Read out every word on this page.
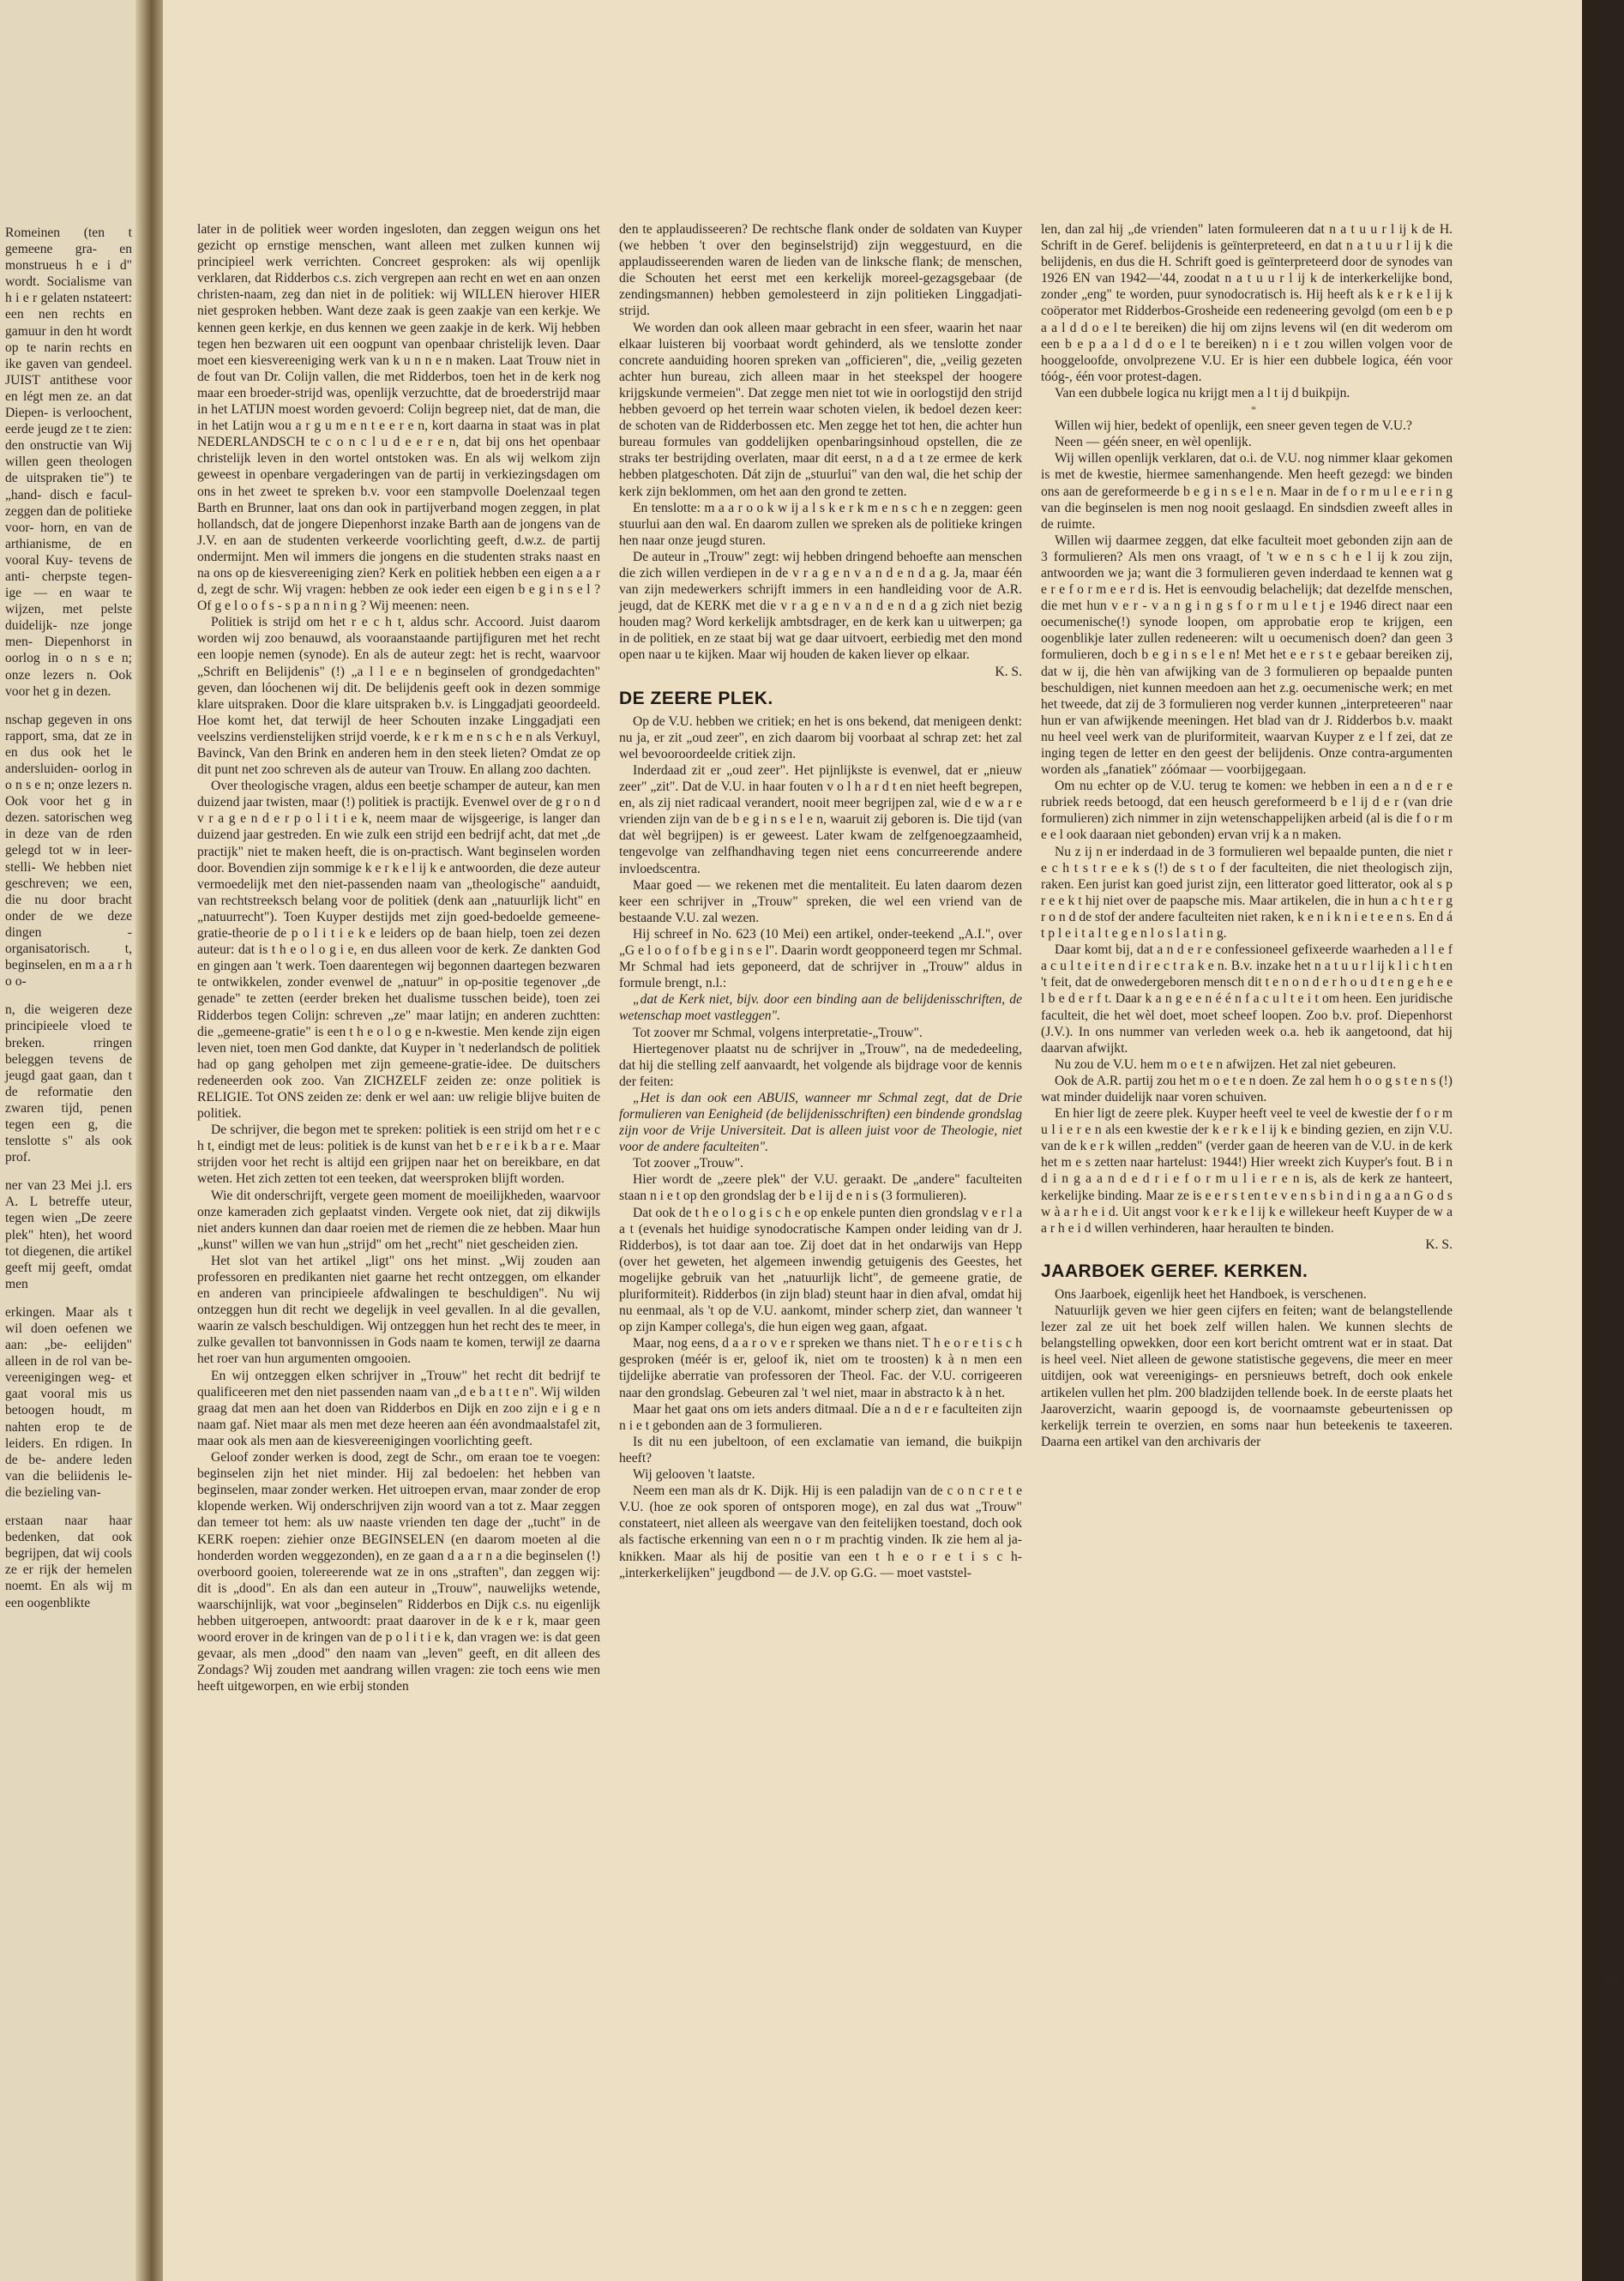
Romeinen (ten t gemeene gra- en monstrueus h e i d" wordt. Socialisme van h i e r gelaten nstateert: een nen rechts en gamuur in den ht wordt op te narin rechts en ike gaven van gendeel. JUIST antithese voor en légt men ze. an dat Diepen- is verloochent, eerde jeugd ze t te zien: den onstructie van Wij willen geen theologen de uitspraken tie") te „hand- disch e facul- zeggen dan de politieke voor- horn, en van de arthianisme, de en vooral Kuy- tevens de anti- cherpste tegen- ige — en waar te wijzen, met pelste duidelijk- nze jonge men- Diepenhorst in oorlog in o n s e n; onze lezers n. Ook voor het g in dezen.

nschap gegeven in ons rapport, sma, dat ze in en dus ook het le andersluiden- oorlog in o n s e n; onze lezers n. Ook voor het g in dezen. satorischen weg in deze van de rden gelegd tot w in leer-stelli- We hebben niet geschreven; we een, die nu door bracht onder de we deze dingen -organisatorisch. t, beginselen, en m a a r h o o-

n, die weigeren deze principieele vloed te breken. rringen beleggen tevens de jeugd gaat gaan, dan t de reformatie den zwaren tijd, penen tegen een g, die tenslotte s" als ook prof.

ner van 23 Mei j.l. ers A. L betreffe uteur, tegen wien „De zeere plek" hten), het woord tot diegenen, die artikel geeft mij geeft, omdat men

erkingen. Maar als t wil doen oefenen we aan: „be- eelijden" alleen in de rol van be- vereenigingen weg- et gaat vooral mis us betoogen houdt, m nahten erop te de leiders. En rdigen. In de be- andere leden van die beliidenis le- die bezieling van-

erstaan naar haar bedenken, dat ook begrijpen, dat wij cools ze er rijk der hemelen noemt. En als wij m een oogenblikte

later in de politiek weer worden ingesloten, dan zeggen weigun ons het gezicht op ernstige menschen, want alleen met zulken kunnen wij principieel werk verrichten. Concreet gesproken: als wij openlijk verklaren, dat Ridderbos c.s. zich vergrepen aan recht en wet en aan onzen christen-naam, zeg dan niet in de politiek: wij WILLEN hierover HIER niet gesproken hebben. Want deze zaak is geen zaakje van een kerkje. We kennen geen kerkje, en dus kennen we geen zaakje in de kerk. Wij hebben tegen hen bezwaren uit een oogpunt van openbaar christelijk leven. Daar moet een kiesvereeniging werk van k u n n e n maken. Laat Trouw niet in de fout van Dr. Colijn vallen, die met Ridderbos, toen het in de kerk nog maar een broeder-strijd was, openlijk verzuchtte, dat de broederstrijd maar in het LATIJN moest worden gevoerd: Colijn begreep niet, dat de man, die in het Latijn wou a r g u m e n t e e r e n, kort daarna in staat was in plat NEDERLANDSCH te c o n c l u d e e r e n, dat bij ons het openbaar christelijk leven in den wortel ontstoken was. En als wij welkom zijn geweest in openbare vergaderingen van de partij in verkiezingsdagen om ons in het zweet te spreken b.v. voor een stampvolle Doelenzaal tegen Barth en Brunner, laat ons dan ook in partijverband mogen zeggen, in plat hollandsch, dat de jongere Diepenhorst inzake Barth aan de jongens van de J.V. en aan de studenten verkeerde voorlichting geeft, d.w.z. de partij ondermijnt. Men wil immers die jongens en die studenten straks naast en na ons op de kiesvereeniging zien? Kerk en politiek hebben een eigen a a r d, zegt de schr. Wij vragen: hebben ze ook ieder een eigen b e g i n s e l ? Of g e l o o f s - s p a n n i n g ? Wij meenen: neen.

Politiek is strijd om het r e c h t, aldus schr. Accoord. Juist daarom worden wij zoo benauwd, als vooraanstaande partijfiguren met het recht een loopje nemen (synode). En als de auteur zegt: het is recht, waarvoor „Schrift en Belijdenis" (!) „a l l e e n beginselen of grondgedachten" geven, dan lóochenen wij dit. De belijdenis geeft ook in dezen sommige klare uitspraken. Door die klare uitspraken b.v. is Linggadjati geoordeeld. Hoe komt het, dat terwijl de heer Schouten inzake Linggadjati een veelszins verdienstelijken strijd voerde, k e r k m e n s c h e n als Verkuyl, Bavinck, Van den Brink en anderen hem in den steek lieten? Omdat ze op dit punt net zoo schreven als de auteur van Trouw. En allang zoo dachten.

Over theologische vragen, aldus een beetje schamper de auteur, kan men duizend jaar twisten, maar (!) politiek is practijk. Evenwel over de g r o n d v r a g e n d e r p o l i t i e k, neem maar de wijsgeerige, is langer dan duizend jaar gestreden. En wie zulk een strijd een bedrijf acht, dat met „de practijk" niet te maken heeft, die is on-practisch. Want beginselen worden door. Bovendien zijn sommige k e r k e l ij k e antwoorden, die deze auteur vermoedelijk met den niet-passenden naam van „theologische" aanduidt, van rechtstreeksch belang voor de politiek (denk aan „natuurlijk licht" en „natuurrecht"). Toen Kuyper destijds met zijn goed-bedoelde gemeene-gratie-theorie de p o l i t i e k e leiders op de baan hielp, toen zei dezen auteur: dat is t h e o l o g i e, en dus alleen voor de kerk. Ze dankten God en gingen aan 't werk. Toen daarentegen wij begonnen daartegen bezwaren te ontwikkelen, zonder evenwel de „natuur" in op-positie tegenover „de genade" te zetten (eerder breken het dualisme tusschen beide), toen zei Ridderbos tegen Colijn: schreven „ze" maar latijn; en anderen zuchtten: die „gemeene-gratie" is een t h e o l o g e n-kwestie. Men kende zijn eigen leven niet, toen men God dankte, dat Kuyper in 't nederlandsch de politiek had op gang geholpen met zijn gemeene-gratie-idee. De duitschers redeneerden ook zoo. Van ZICHZELF zeiden ze: onze politiek is RELIGIE. Tot ONS zeiden ze: denk er wel aan: uw religie blijve buiten de politiek.

De schrijver, die begon met te spreken: politiek is een strijd om het r e c h t, eindigt met de leus: politiek is de kunst van het b e r e i k b a r e. Maar strijden voor het recht is altijd een grijpen naar het on bereikbare, en dat weten. Het zich zetten tot een teeken, dat weersproken blijft worden.

Wie dit onderschrijft, vergete geen moment de moeilijkheden, waarvoor onze kameraden zich geplaatst vinden. Vergete ook niet, dat zij dikwijls niet anders kunnen dan daar roeien met de riemen die ze hebben. Maar hun „kunst" willen we van hun „strijd" om het „recht" niet gescheiden zien.

Het slot van het artikel „ligt" ons het minst. „Wij zouden aan professoren en predikanten niet gaarne het recht ontzeggen, om elkander en anderen van principieele afdwalingen te beschuldigen". Nu wij ontzeggen hun dit recht we degelijk in veel gevallen. In al die gevallen, waarin ze valsch beschuldigen. Wij ontzeggen hun het recht des te meer, in zulke gevallen tot banvonnissen in Gods naam te komen, terwijl ze daarna het roer van hun argumenten omgooien.

En wij ontzeggen elken schrijver in „Trouw" het recht dit bedrijf te qualificeeren met den niet passenden naam van „d e b a t t e n". Wij wilden graag dat men aan het doen van Ridderbos en Dijk en zoo zijn e i g e n naam gaf. Niet maar als men met deze heeren aan één avondmaalstafel zit, maar ook als men aan de kiesvereenigingen voorlichting geeft.

Geloof zonder werken is dood, zegt de Schr., om eraan toe te voegen: beginselen zijn het niet minder. Hij zal bedoelen: het hebben van beginselen, maar zonder werken. Het uitroepen ervan, maar zonder de erop klopende werken. Wij onderschrijven zijn woord van a tot z. Maar zeggen dan temeer tot hem: als uw naaste vrienden ten dage der „tucht" in de KERK roepen: ziehier onze BEGINSELEN (en daarom moeten al die honderden worden weggezonden), en ze gaan d a a r n a die beginselen (!) overboord gooien, tolereerende wat ze in ons „straften", dan zeggen wij: dit is „dood". En als dan een auteur in „Trouw", nauwelijks wetende, waarschijnlijk, wat voor „beginselen" Ridderbos en Dijk c.s. nu eigenlijk hebben uitgeroepen, antwoordt: praat daarover in de k e r k, maar geen woord erover in de kringen van de p o l i t i e k, dan vragen we: is dat geen gevaar, als men „dood" den naam van „leven" geeft, en dit alleen des Zondags? Wij zouden met aandrang willen vragen: zie toch eens wie men heeft uitgeworpen, en wie erbij stonden

den te applaudisseeren? De rechtsche flank onder de soldaten van Kuyper (we hebben 't over den beginselstrijd) zijn weggestuurd, en die applaudisseerenden waren de lieden van de linksche flank; de menschen, die Schouten het eerst met een kerkelijk moreel-gezagsgebaar (de zendingsmannen) hebben gemolesteerd in zijn politieken Linggadjati-strijd.

We worden dan ook alleen maar gebracht in een sfeer, waarin het naar elkaar luisteren bij voorbaat wordt gehinderd, als we tenslotte zonder concrete aanduiding hooren spreken van „officieren", die, „veilig gezeten achter hun bureau, zich alleen maar in het steekspel der hoogere krijgskunde vermeien". Dat zegge men niet tot wie in oorlogstijd den strijd hebben gevoerd op het terrein waar schoten vielen, ik bedoel dezen keer: de schoten van de Ridderbossen etc. Men zegge het tot hen, die achter hun bureau formules van goddelijken openbaringsinhoud opstellen, die ze straks ter bestrijding overlaten, maar dit eerst, n a d a t ze ermee de kerk hebben platgeschoten. Dát zijn de „stuurlui" van den wal, die het schip der kerk zijn beklommen, om het aan den grond te zetten.

En tenslotte: m a a r o o k w ij a l s k e r k m e n s c h e n zeggen: geen stuurlui aan den wal. En daarom zullen we spreken als de politieke kringen hen naar onze jeugd sturen.

De auteur in „Trouw" zegt: wij hebben dringend behoefte aan menschen die zich willen verdiepen in de v r a g e n v a n d e n d a g. Ja, maar één van zijn medewerkers schrijft immers in een handleiding voor de A.R. jeugd, dat de KERK met die v r a g e n v a n d e n d a g zich niet bezig houden mag? Word kerkelijk ambtsdrager, en de kerk kan u uitwerpen; ga in de politiek, en ze staat bij wat ge daar uitvoert, eerbiedig met den mond open naar u te kijken. Maar wij houden de kaken liever op elkaar.

K. S.

DE ZEERE PLEK.

Op de V.U. hebben we critiek; en het is ons bekend, dat menigeen denkt: nu ja, er zit „oud zeer", en zich daarom bij voorbaat al schrap zet: het zal wel bevooroordeelde critiek zijn.

Inderdaad zit er „oud zeer". Het pijnlijkste is evenwel, dat er „nieuw zeer" „zit". Dat de V.U. in haar fouten v o l h a r d t en niet heeft begrepen, en, als zij niet radicaal verandert, nooit meer begrijpen zal, wie d e w a r e vrienden zijn van de b e g i n s e l e n, waaruit zij geboren is. Die tijd (van dat wèl begrijpen) is er geweest. Later kwam de zelfgenoegzaamheid, tengevolge van zelfhandhaving tegen niet eens concurreerende andere invloedscentra.

Maar goed — we rekenen met die mentaliteit. Eu laten daarom dezen keer een schrijver in „Trouw" spreken, die wel een vriend van de bestaande V.U. zal wezen.

Hij schreef in No. 623 (10 Mei) een artikel, onder-teekend „A.I.", over „G e l o o f o f b e g i n s e l". Daarin wordt geopponeerd tegen mr Schmal. Mr Schmal had iets geponeerd, dat de schrijver in „Trouw" aldus in formule brengt, n.l.:

„dat de Kerk niet, bijv. door een binding aan de belijdenisschriften, de wetenschap moet vastleggen".

Tot zoover mr Schmal, volgens interpretatie-„Trouw".

Hiertegenover plaatst nu de schrijver in „Trouw", na de mededeeling, dat hij die stelling zelf aanvaardt, het volgende als bijdrage voor de kennis der feiten:

„Het is dan ook een ABUIS, wanneer mr Schmal zegt, dat de Drie formulieren van Eenigheid (de belijdenisschriften) een bindende grondslag zijn voor de Vrije Universiteit. Dat is alleen juist voor de Theologie, niet voor de andere faculteiten".

Tot zoover „Trouw".

Hier wordt de „zeere plek" der V.U. geraakt. De „andere" faculteiten staan n i e t op den grondslag der b e l ij d e n i s (3 formulieren).

Dat ook de t h e o l o g i s c h e op enkele punten dien grondslag v e r l a a t (evenals het huidige synodocratische Kampen onder leiding van dr J. Ridderbos), is tot daar aan toe. Zij doet dat in het ondarwijs van Hepp (over het geweten, het algemeen inwendig getuigenis des Geestes, het mogelijke gebruik van het „natuurlijk licht", de gemeene gratie, de pluriformiteit). Ridderbos (in zijn blad) steunt haar in dien afval, omdat hij nu eenmaal, als 't op de V.U. aankomt, minder scherp ziet, dan wanneer 't op zijn Kamper collega's, die hun eigen weg gaan, afgaat.

Maar, nog eens, d a a r o v e r spreken we thans niet. T h e o r e t i s c h gesproken (méér is er, geloof ik, niet om te troosten) k à n men een tijdelijke aberratie van professoren der Theol. Fac. der V.U. corrigeeren naar den grondslag. Gebeuren zal 't wel niet, maar in abstracto k à n het.

Maar het gaat ons om iets anders ditmaal. Díe a n d e r e faculteiten zijn n i e t gebonden aan de 3 formulieren.

Is dit nu een jubeltoon, of een exclamatie van iemand, die buikpijn heeft?

Wij gelooven 't laatste.

Neem een man als dr K. Dijk. Hij is een paladijn van de c o n c r e t e V.U. (hoe ze ook sporen of ontsporen moge), en zal dus wat „Trouw" constateert, niet alleen als weergave van den feitelijken toestand, doch ook als factische erkenning van een n o r m prachtig vinden. Ik zie hem al ja-knikken. Maar als hij de positie van een t h e o r e t i s c h-„interkerkelijken" jeugdbond — de J.V. op G.G. — moet vaststel-

len, dan zal hij „de vrienden" laten formuleeren dat n a t u u r l ij k de H. Schrift in de Geref. belijdenis is geïnterpreteerd, en dat n a t u u r l ij k die belijdenis, en dus die H. Schrift goed is geïnterpreteerd door de synodes van 1926 EN van 1942—'44, zoodat n a t u u r l ij k de interkerkelijke bond, zonder „eng" te worden, puur synodocratisch is. Hij heeft als k e r k e l ij k coöperator met Ridderbos-Grosheide een redeneering gevolgd (om een b e p a a l d d o e l te bereiken) die hij om zijns levens wil (en dit wederom om een b e p a a l d d o e l te bereiken) n i e t zou willen volgen voor de hooggeloofde, onvolprezene V.U. Er is hier een dubbele logica, één voor tóóg-, één voor protest-dagen.

Van een dubbele logica nu krijgt men a l t ij d buikpijn.

*

Willen wij hier, bedekt of openlijk, een sneer geven tegen de V.U.?

Neen — géén sneer, en wèl openlijk.

Wij willen openlijk verklaren, dat o.i. de V.U. nog nimmer klaar gekomen is met de kwestie, hiermee samenhangende. Men heeft gezegd: we binden ons aan de gereformeerde b e g i n s e l e n. Maar in de f o r m u l e e r i n g van die beginselen is men nog nooit geslaagd. En sindsdien zweeft alles in de ruimte.

Willen wij daarmee zeggen, dat elke faculteit moet gebonden zijn aan de 3 formulieren? Als men ons vraagt, of 't w e n s c h e l ij k zou zijn, antwoorden we ja; want die 3 formulieren geven inderdaad te kennen wat g e r e f o r m e e r d is. Het is eenvoudig belachelijk; dat dezelfde menschen, die met hun v e r - v a n g i n g s f o r m u l e t j e 1946 direct naar een oecumenische(!) synode loopen, om approbatie erop te krijgen, een oogenblikje later zullen redeneeren: wilt u oecumenisch doen? dan geen 3 formulieren, doch b e g i n s e l e n! Met het e e r s t e gebaar bereiken zij, dat w ij, die hèn van afwijking van de 3 formulieren op bepaalde punten beschuldigen, niet kunnen meedoen aan het z.g. oecumenische werk; en met het tweede, dat zij de 3 formulieren nog verder kunnen „interpreteeren" naar hun er van afwijkende meeningen. Het blad van dr J. Ridderbos b.v. maakt nu heel veel werk van de pluriformiteit, waarvan Kuyper z e l f zei, dat ze inging tegen de letter en den geest der belijdenis. Onze contra-argumenten worden als „fanatiek" zóómaar — voorbijgegaan.

Om nu echter op de V.U. terug te komen: we hebben in een a n d e r e rubriek reeds betoogd, dat een heusch gereformeerd b e l ij d e r (van drie formulieren) zich nimmer in zijn wetenschappelijken arbeid (al is die f o r m e e l ook daaraan niet gebonden) ervan vrij k a n maken.

Nu z ij n er inderdaad in de 3 formulieren wel bepaalde punten, die niet r e c h t s t r e e k s (!) de s t o f der faculteiten, die niet theologisch zijn, raken. Een jurist kan goed jurist zijn, een litterator goed litterator, ook al s p r e e k t hij niet over de paapsche mis. Maar artikelen, die in hun a c h t e r g r o n d de stof der andere faculteiten niet raken, k e n i k n i e t e e n s. En d á t p l e i t a l t e g e n l o s l a t i n g.

Daar komt bij, dat a n d e r e confessioneel gefixeerde waarheden a l l e f a c u l t e i t e n d i r e c t r a k e n. B.v. inzake het n a t u u r l ij k l i c h t en 't feit, dat de onwedergeboren mensch dit t e n o n d e r h o u d t e n g e h e e l b e d e r f t. Daar k a n g e e n é é n f a c u l t e i t om heen. Een juridische faculteit, die het wèl doet, moet scheef loopen. Zoo b.v. prof. Diepenhorst (J.V.). In ons nummer van verleden week o.a. heb ik aangetoond, dat hij daarvan afwijkt.

Nu zou de V.U. hem m o e t e n afwijzen. Het zal niet gebeuren.

Ook de A.R. partij zou het m o e t e n doen. Ze zal hem h o o g s t e n s (!) wat minder duidelijk naar voren schuiven.

En hier ligt de zeere plek. Kuyper heeft veel te veel de kwestie der f o r m u l i e r e n als een kwestie der k e r k e l ij k e binding gezien, en zijn V.U. van de k e r k willen „redden" (verder gaan de heeren van de V.U. in de kerk het m e s zetten naar hartelust: 1944!) Hier wreekt zich Kuyper's fout. B i n d i n g a a n d e d r i e f o r m u l i e r e n is, als de kerk ze hanteert, kerkelijke binding. Maar ze is e e r s t en t e v e n s b i n d i n g a a n G o d s w à a r h e i d. Uit angst voor k e r k e l ij k e willekeur heeft Kuyper de w a a r h e i d willen verhinderen, haar heraulten te binden.

K. S.

JAARBOEK GEREF. KERKEN.

Ons Jaarboek, eigenlijk heet het Handboek, is verschenen.

Natuurlijk geven we hier geen cijfers en feiten; want de belangstellende lezer zal ze uit het boek zelf willen halen. We kunnen slechts de belangstelling opwekken, door een kort bericht omtrent wat er in staat. Dat is heel veel. Niet alleen de gewone statistische gegevens, die meer en meer uitdijen, ook wat vereenigings- en persnieuws betreft, doch ook enkele artikelen vullen het plm. 200 bladzijden tellende boek. In de eerste plaats het Jaaroverzicht, waarin gepoogd is, de voornaamste gebeurtenissen op kerkelijk terrein te overzien, en soms naar hun beteekenis te taxeeren. Daarna een artikel van den archivaris der

267
